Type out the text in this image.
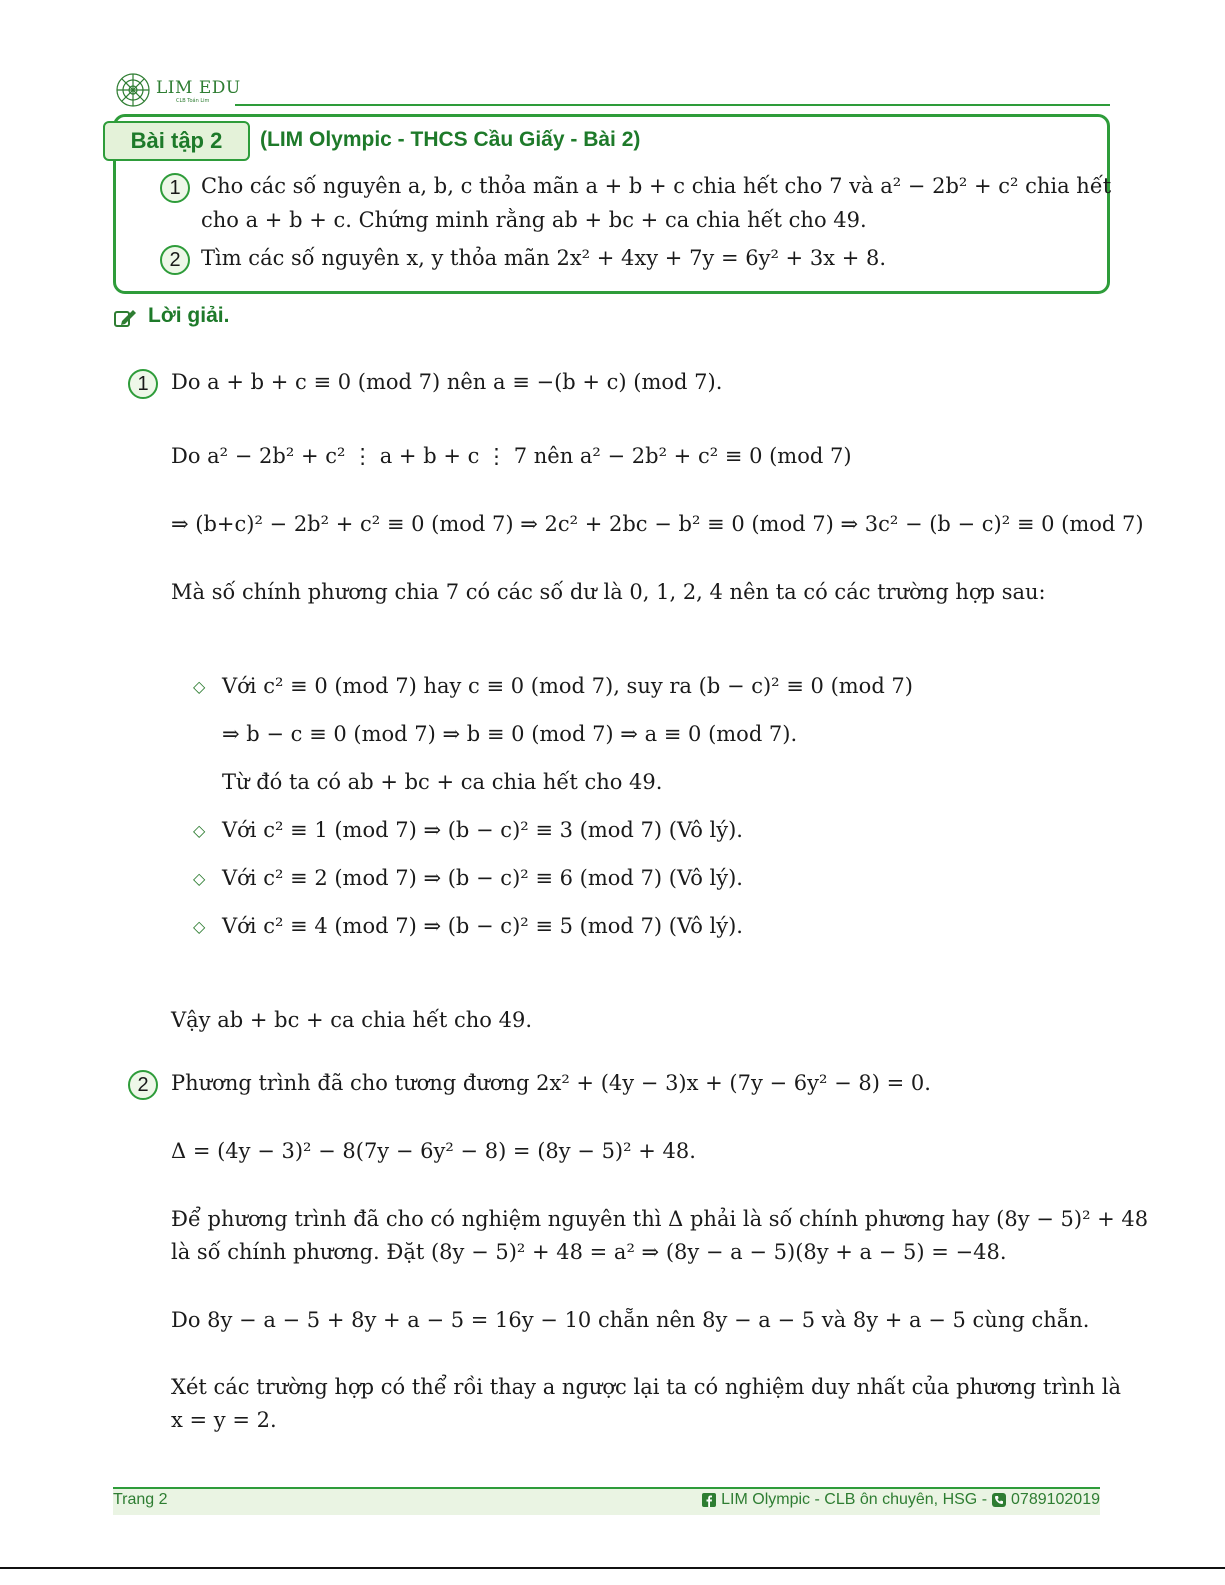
LIM EDU
CLB Toán Lim
Bài tập 2	(LIM Olympic - THCS Cầu Giấy - Bài 2)
1 Cho các số nguyên a, b, c thỏa mãn a + b + c chia hết cho 7 và a² − 2b² + c² chia hết
cho a + b + c. Chứng minh rằng ab + bc + ca chia hết cho 49.
2 Tìm các số nguyên x, y thỏa mãn 2x² + 4xy + 7y = 6y² + 3x + 8.
Lời giải.
1	Do a + b + c ≡ 0 (mod 7) nên a ≡ −(b + c) (mod 7).
Do a² − 2b² + c² ⋮ a + b + c ⋮ 7 nên a² − 2b² + c² ≡ 0 (mod 7)
⇒ (b+c)² − 2b² + c² ≡ 0 (mod 7) ⇒ 2c² + 2bc − b² ≡ 0 (mod 7) ⇒ 3c² − (b − c)² ≡ 0 (mod 7)
Mà số chính phương chia 7 có các số dư là 0, 1, 2, 4 nên ta có các trường hợp sau:
◇ Với c² ≡ 0 (mod 7) hay c ≡ 0 (mod 7), suy ra (b − c)² ≡ 0 (mod 7)
⇒ b − c ≡ 0 (mod 7) ⇒ b ≡ 0 (mod 7) ⇒ a ≡ 0 (mod 7).
Từ đó ta có ab + bc + ca chia hết cho 49.
◇ Với c² ≡ 1 (mod 7) ⇒ (b − c)² ≡ 3 (mod 7) (Vô lý).
◇ Với c² ≡ 2 (mod 7) ⇒ (b − c)² ≡ 6 (mod 7) (Vô lý).
◇ Với c² ≡ 4 (mod 7) ⇒ (b − c)² ≡ 5 (mod 7) (Vô lý).
Vậy ab + bc + ca chia hết cho 49.
2	Phương trình đã cho tương đương 2x² + (4y − 3)x + (7y − 6y² − 8) = 0.
Δ = (4y − 3)² − 8(7y − 6y² − 8) = (8y − 5)² + 48.
Để phương trình đã cho có nghiệm nguyên thì Δ phải là số chính phương hay (8y − 5)² + 48
là số chính phương. Đặt (8y − 5)² + 48 = a² ⇒ (8y − a − 5)(8y + a − 5) = −48.
Do 8y − a − 5 + 8y + a − 5 = 16y − 10 chẵn nên 8y − a − 5 và 8y + a − 5 cùng chẵn.
Xét các trường hợp có thể rồi thay a ngược lại ta có nghiệm duy nhất của phương trình là
x = y = 2.
Trang 2	LIM Olympic - CLB ôn chuyên, HSG - 0789102019
